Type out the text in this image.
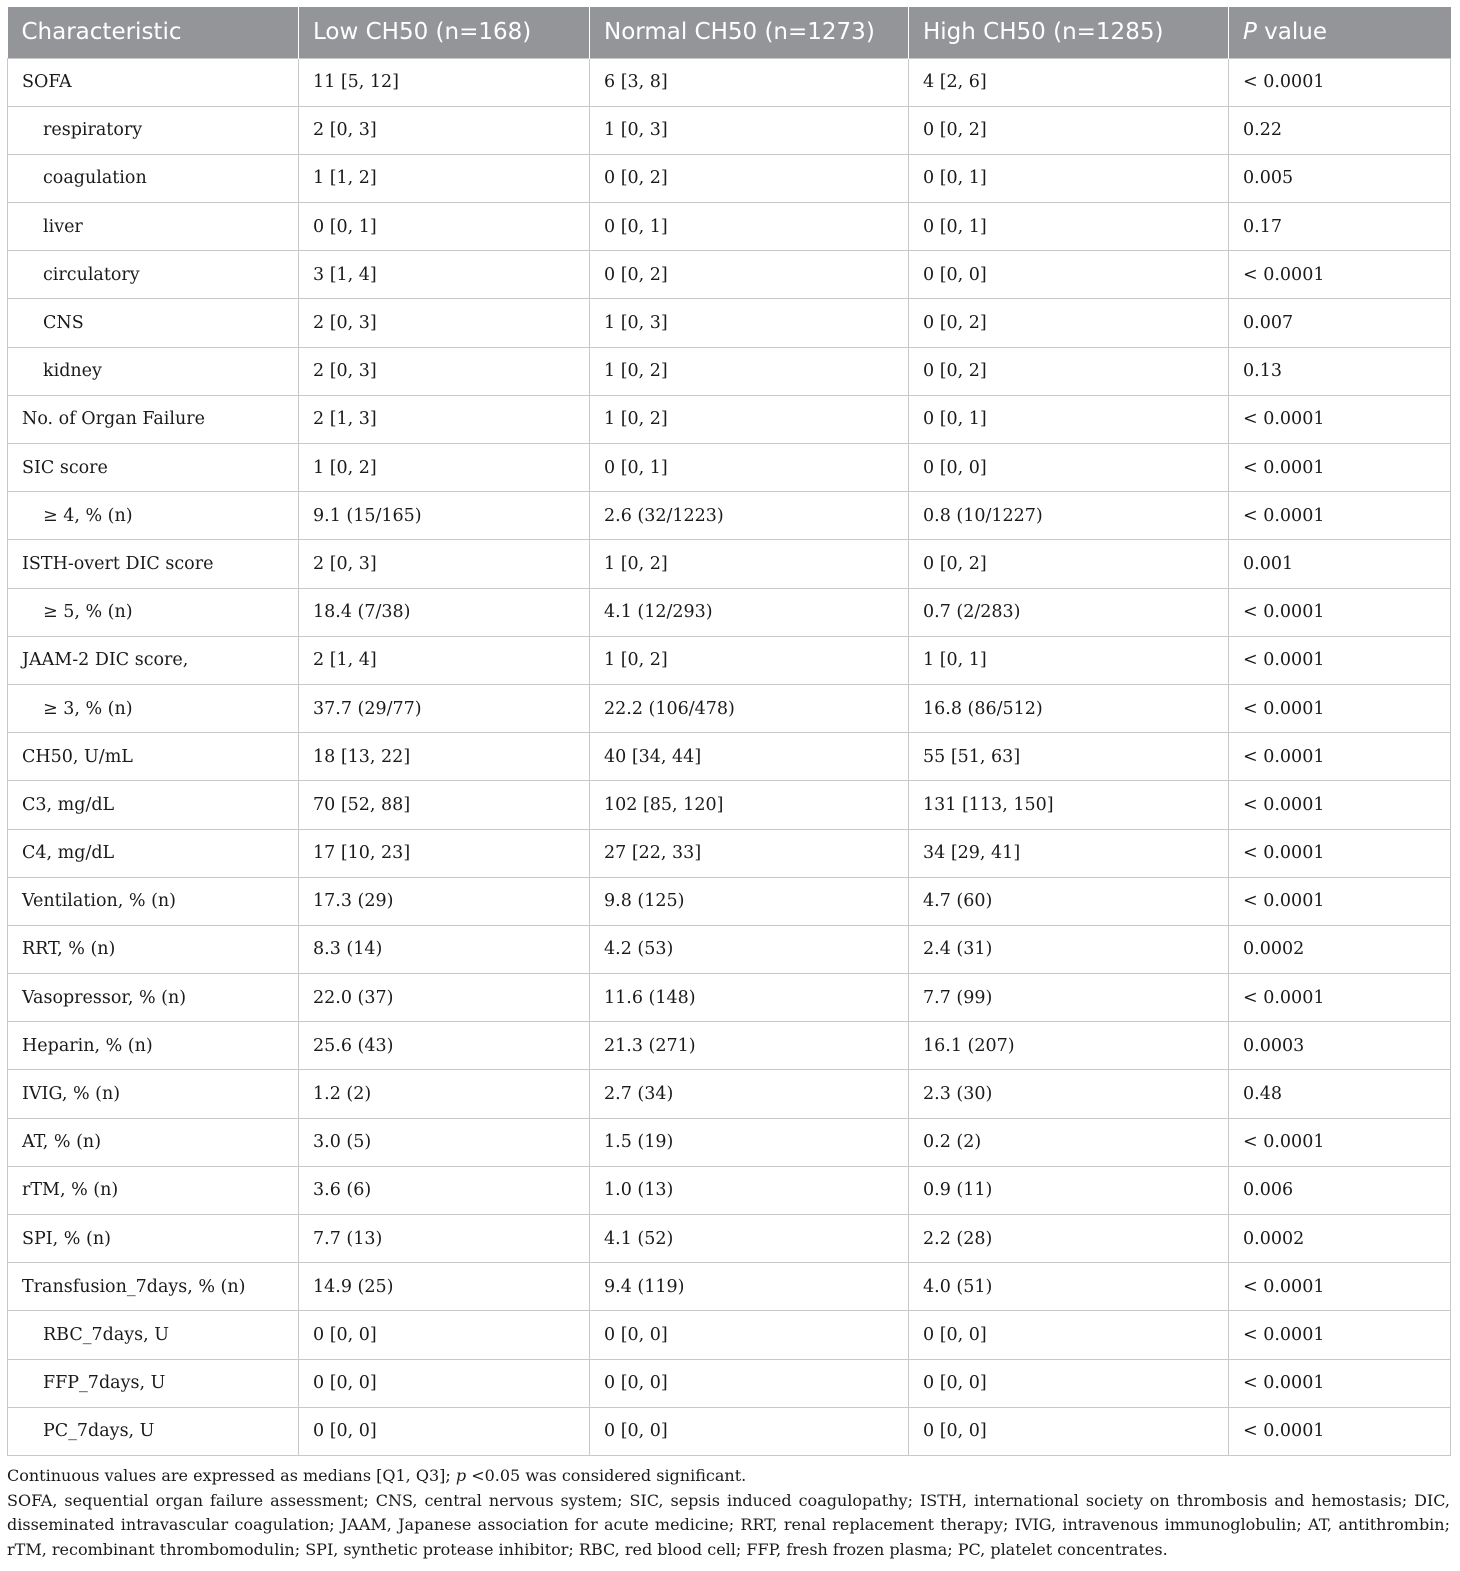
Characteristic	Low CH50 (n=168)	Normal CH50 (n=1273)	High CH50 (n=1285)	P value
SOFA	11 [5, 12]	6 [3, 8]	4 [2, 6]	< 0.0001
respiratory	2 [0, 3]	1 [0, 3]	0 [0, 2]	0.22
coagulation	1 [1, 2]	0 [0, 2]	0 [0, 1]	0.005
liver	0 [0, 1]	0 [0, 1]	0 [0, 1]	0.17
circulatory	3 [1, 4]	0 [0, 2]	0 [0, 0]	< 0.0001
CNS	2 [0, 3]	1 [0, 3]	0 [0, 2]	0.007
kidney	2 [0, 3]	1 [0, 2]	0 [0, 2]	0.13
No. of Organ Failure	2 [1, 3]	1 [0, 2]	0 [0, 1]	< 0.0001
SIC score	1 [0, 2]	0 [0, 1]	0 [0, 0]	< 0.0001
≥ 4, % (n)	9.1 (15/165)	2.6 (32/1223)	0.8 (10/1227)	< 0.0001
ISTH-overt DIC score	2 [0, 3]	1 [0, 2]	0 [0, 2]	0.001
≥ 5, % (n)	18.4 (7/38)	4.1 (12/293)	0.7 (2/283)	< 0.0001
JAAM-2 DIC score,	2 [1, 4]	1 [0, 2]	1 [0, 1]	< 0.0001
≥ 3, % (n)	37.7 (29/77)	22.2 (106/478)	16.8 (86/512)	< 0.0001
CH50, U/mL	18 [13, 22]	40 [34, 44]	55 [51, 63]	< 0.0001
C3, mg/dL	70 [52, 88]	102 [85, 120]	131 [113, 150]	< 0.0001
C4, mg/dL	17 [10, 23]	27 [22, 33]	34 [29, 41]	< 0.0001
Ventilation, % (n)	17.3 (29)	9.8 (125)	4.7 (60)	< 0.0001
RRT, % (n)	8.3 (14)	4.2 (53)	2.4 (31)	0.0002
Vasopressor, % (n)	22.0 (37)	11.6 (148)	7.7 (99)	< 0.0001
Heparin, % (n)	25.6 (43)	21.3 (271)	16.1 (207)	0.0003
IVIG, % (n)	1.2 (2)	2.7 (34)	2.3 (30)	0.48
AT, % (n)	3.0 (5)	1.5 (19)	0.2 (2)	< 0.0001
rTM, % (n)	3.6 (6)	1.0 (13)	0.9 (11)	0.006
SPI, % (n)	7.7 (13)	4.1 (52)	2.2 (28)	0.0002
Transfusion_7days, % (n)	14.9 (25)	9.4 (119)	4.0 (51)	< 0.0001
RBC_7days, U	0 [0, 0]	0 [0, 0]	0 [0, 0]	< 0.0001
FFP_7days, U	0 [0, 0]	0 [0, 0]	0 [0, 0]	< 0.0001
PC_7days, U	0 [0, 0]	0 [0, 0]	0 [0, 0]	< 0.0001

Continuous values are expressed as medians [Q1, Q3]; p <0.05 was considered significant.

SOFA, sequential organ failure assessment; CNS, central nervous system; SIC, sepsis induced coagulopathy; ISTH, international society on thrombosis and hemostasis; DIC, disseminated intravascular coagulation; JAAM, Japanese association for acute medicine; RRT, renal replacement therapy; IVIG, intravenous immunoglobulin; AT, antithrombin; rTM, recombinant thrombomodulin; SPI, synthetic protease inhibitor; RBC, red blood cell; FFP, fresh frozen plasma; PC, platelet concentrates.
